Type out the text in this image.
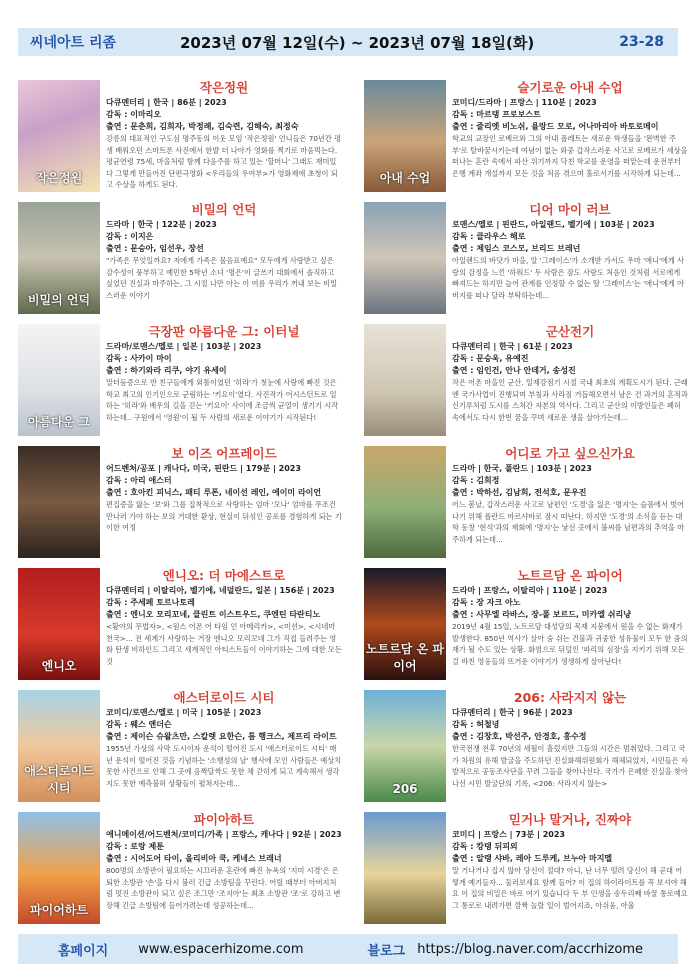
씨네아트 리좀	2023년 07월 12일(수) ~ 2023년 07월 18일(화)	23-28
작은정원
작은정원
다큐멘터리 | 한국 | 86분 | 2023
감독 : 이마리오
출연 : 문춘희, 김희자, 박정례, 김숙련, 김해숙, 최정숙
강릉의 대표적인 구도심 명주동의 이웃 모임 '작은정원' 언니들은 70년간 평생 배워오던 스마트폰 사진에서 한발 더 나아가 영화를 찍기로 마음먹는다. 평균연령 75세, 마을처럼 함께 다음주를 하고 있는 '할머니' 그래도 재미있다 그렇게 만들어진 단편극영화 <우리들의 우여부>가 영화제에 초청이 되고 수상을 하게도 된다.
비밀의 언덕
비밀의 언덕
드라마 | 한국 | 122분 | 2023
감독 : 이지은
출연 : 문승아, 임선우, 장선
"가족은 무엇일까요? 저에게 가족은 물음표예요" 모두에게 사랑받고 싶은 감수성이 풍부하고 예민한 5학년 소녀 '명은'이 글쓰기 대회에서 솔직하고 싶었던 진실과 마주하는, 그 시절 나만 아는 이 여름 우리가 꺼내 보는 비밀스러운 이야기
아름다운 그
극장판 아름다운 그: 이터널
드라마/로맨스/멜로 | 일본 | 103분 | 2023
감독 : 사카이 마이
출연 : 하기와라 리쿠, 야기 유세이
말더듬증으로 반 친구들에게 외톨이였던 '히라'가 첫눈에 사랑에 빠진 것은 학교 최고의 인기인으로 군림하는 '키요이'였다. 사진작가 어시스턴트로 일하는 '히라'와 배우의 길을 걷는 '키요이' 사이에 조금씩 균열이 생기기 시작하는데.. 구원에서 '영원'이 될 두 사람의 새로운 이야기가 시작된다!
보 이즈 어프레이드
어드벤처/공포 | 캐나다, 미국, 핀란드 | 179분 | 2023
감독 : 아리 애스터
출연 : 호아킨 피닉스, 패티 루폰, 네이선 레인, 에이미 라이언
편집증을 앓는 '보'와 그를 집착적으로 사랑하는 엄마 '모나' 엄마를 무조건 만나러 가야 하는 보의 거대한 환상, 현실이 뒤섞인 공포를 경험하게 되는 기이한 여정
엔니오
엔니오: 더 마에스트로
다큐멘터리 | 이탈리아, 벨기에, 네덜란드, 일본 | 156분 | 2023
감독 : 주세페 토르나토레
출연 : 엔니오 모리꼬네, 클린트 이스트우드, 쿠엔틴 타란티노
<황야의 무법자>, <원스 어폰 어 타임 인 아메리카>, <미션>, <시네마 천국>... 전 세계가 사랑하는 거장 엔니오 모리꼬네 그가 직접 들려주는 영화 탄생 비하인드 그리고 세계적인 아티스트들이 이야기하는 그에 대한 모든 것
애스터로이드 시티
애스터로이드 시티
코미디/로맨스/멜로 | 미국 | 105분 | 2023
감독 : 웨스 앤더슨
출연 : 제이슨 슈왈츠만, 스칼렛 요한슨, 톰 행크스, 제프리 라이트
1955년 가상의 사막 도시이자 운석이 떨어진 도시 '애스터로이드 시티' 매년 운석이 떨어진 것을 기념하는 '소행성의 날' 행사에 모인 사람들은 예상치 못한 사건으로 인해 그 곳에 옴짝달싹도 못한 채 갇히게 되고 계속해서 생각지도 못한 예측불허 상황들이 펼쳐지는데...
파이어하트
파이아하트
애니메이션/어드벤처/코미디/가족 | 프랑스, 캐나다 | 92분 | 2023
감독 : 로랑 제툰
출연 : 시어도어 타이, 올리비아 쿡, 케네스 브래너
800명의 소방관이 필요하는 시끄러운 혼란에 빠진 뉴욕의 '지미 시경'은 은퇴한 소방관 '손'을 다시 불러 긴급 소방팀을 꾸린다. 어릴 때부터 아버지처럼 멋진 소방관이 되고 싶은 조그만 '조지아'는 최초 소방관 '조'로 강하고 변장해 긴급 소방팀에 들어가려는데 성공하는데...
아내 수업
슬기로운 아내 수업
코미디/드라마 | 프랑스 | 110분 | 2023
감독 : 마르탱 프로보스트
출연 : 줄리엣 비노쉬, 욜랑드 모로, 어나마리아 바토로메이
학교의 교장인 로베르와 그의 아내 폴레트는 새로운 학생들을 '완벽한 주부'로 탈바꿈시키는데 여념이 없는 와중 갑작스러운 사고로 로베르가 세상을 떠나는 혼란 속에서 파산 위기까지 닥친 학교를 운영을 떠맡는데 운전부터 은행 계좌 개설까지 모든 것을 처음 겪으며 홀로서기를 시작하게 되는데...
디어 마이 러브
로맨스/멜로 | 핀란드, 아일랜드, 벨기에 | 103분 | 2023
감독 : 클라우스 해로
출연 : 제임스 코스모, 브리드 브레넌
아일랜드의 바닷가 마을, 알 '그레이스'가 소개받 가서도 우마 '애니'에게 사랑의 감정을 느낀 '하워드' 두 사람은 잠도 사랑도 처음인 것처럼 서로에게 빠져드는 하지만 늘어 관계를 인정할 수 없는 딸 '그레이스'는 '애니'에게 아버지를 떠나 달라 부탁하는데...
군산전기
다큐멘터리 | 한국 | 61분 | 2023
감독 : 문승욱, 유예진
출연 : 임인건, 안나 안데거, 송성진
작은 어촌 마을인 군산. 일제강점기 시절 국내 최초의 계획도시가 된다. 근래엔 국가사업이 진행되며 부침과 사라짐 거듭해오면서 남은 건 과거의 흔적과 신기루처럼 도시를 스쳐간 자본의 역사다. 그리고 군산의 이방인들은 폐허 속에서도 다시 한번 꿈을 꾸며 새로운 생을 살아가는데...
어디로 가고 싶으신가요
드라마 | 한국, 폴란드 | 103분 | 2023
감독 : 김희정
출연 : 박하선, 김남희, 전석호, 문우진
어느 봄날, 갑작스러운 사고로 남편인 '도경'을 잃은 '명지'는 슬픔에서 벗어나기 위해 폴란드 바르샤바로 잠시 떠난다. 하지만 '도경'의 소식을 듣는 대학 동창 '현석'과의 재회에 '명지'는 낯선 곳에서 불씨를 남편과의 추억을 마주하게 되는데...
노트르담 온 파이어
노트르담 온 파이어
드라마 | 프랑스, 이탈리아 | 110분 | 2023
감독 : 장 자크 아노
출연 : 사무엘 라바스, 장-폴 보르드, 미카엘 쉬리냥
2019년 4월 15일, 노트르담 대성당의 목재 지붕에서 원을 수 없는 화재가 발생한다. 850년 역사가 살아 숨 쉬는 건물과 귀중한 성유물이 모두 한 줌의 재가 될 수도 있는 상황. 화염으로 뒤덮인 '파리의 심장'을 지키기 위해 모든 걸 바친 영웅들의 뜨거운 이야기가 생생하게 살아난다!
206
206: 사라지지 않는
다큐멘터리 | 한국 | 96분 | 2023
감독 : 허철녕
출연 : 김창호, 박선주, 안경호, 홍수정
한국전쟁 전후 70년의 세월이 흘렀지만 그들의 시간은 멈춰있다. 그리고 국가 차원의 유해 발굴을 주도하던 진실화해위원회가 해체되었지, 시민들은 자발적으로 공동조사단을 꾸려 그들을 찾아나선다. 국가가 은폐한 진실을 찾아 나선 시민 발굴단의 기록, <206: 사라지지 않는>
믿거나 말거나, 진짜야
코미디 | 프랑스 | 73분 | 2023
감독 : 캉탱 뒤피외
출연 : 알랭 샤바, 레아 드루케, 브누아 마지멜
말 거나거나 집지 않아 당신이 절대? 아니, 난 너무 떨려 당신이 해 곧대 어떻게 예기들자... 둘러보세요 함께 들어? 이 집의 하이라이트를 꼭 보셔야 해요 이 집의 비밀은 바로 여기 있습니다 두 부 인생을 송두리째 바꿀 통로예요 그 통로로 내려가면 깜짝 놀랄 일이 벌어지죠, 아쉬움, 아울
홈페이지 www.espacerhizome.com	블로그 https://blog.naver.com/accrhizome
